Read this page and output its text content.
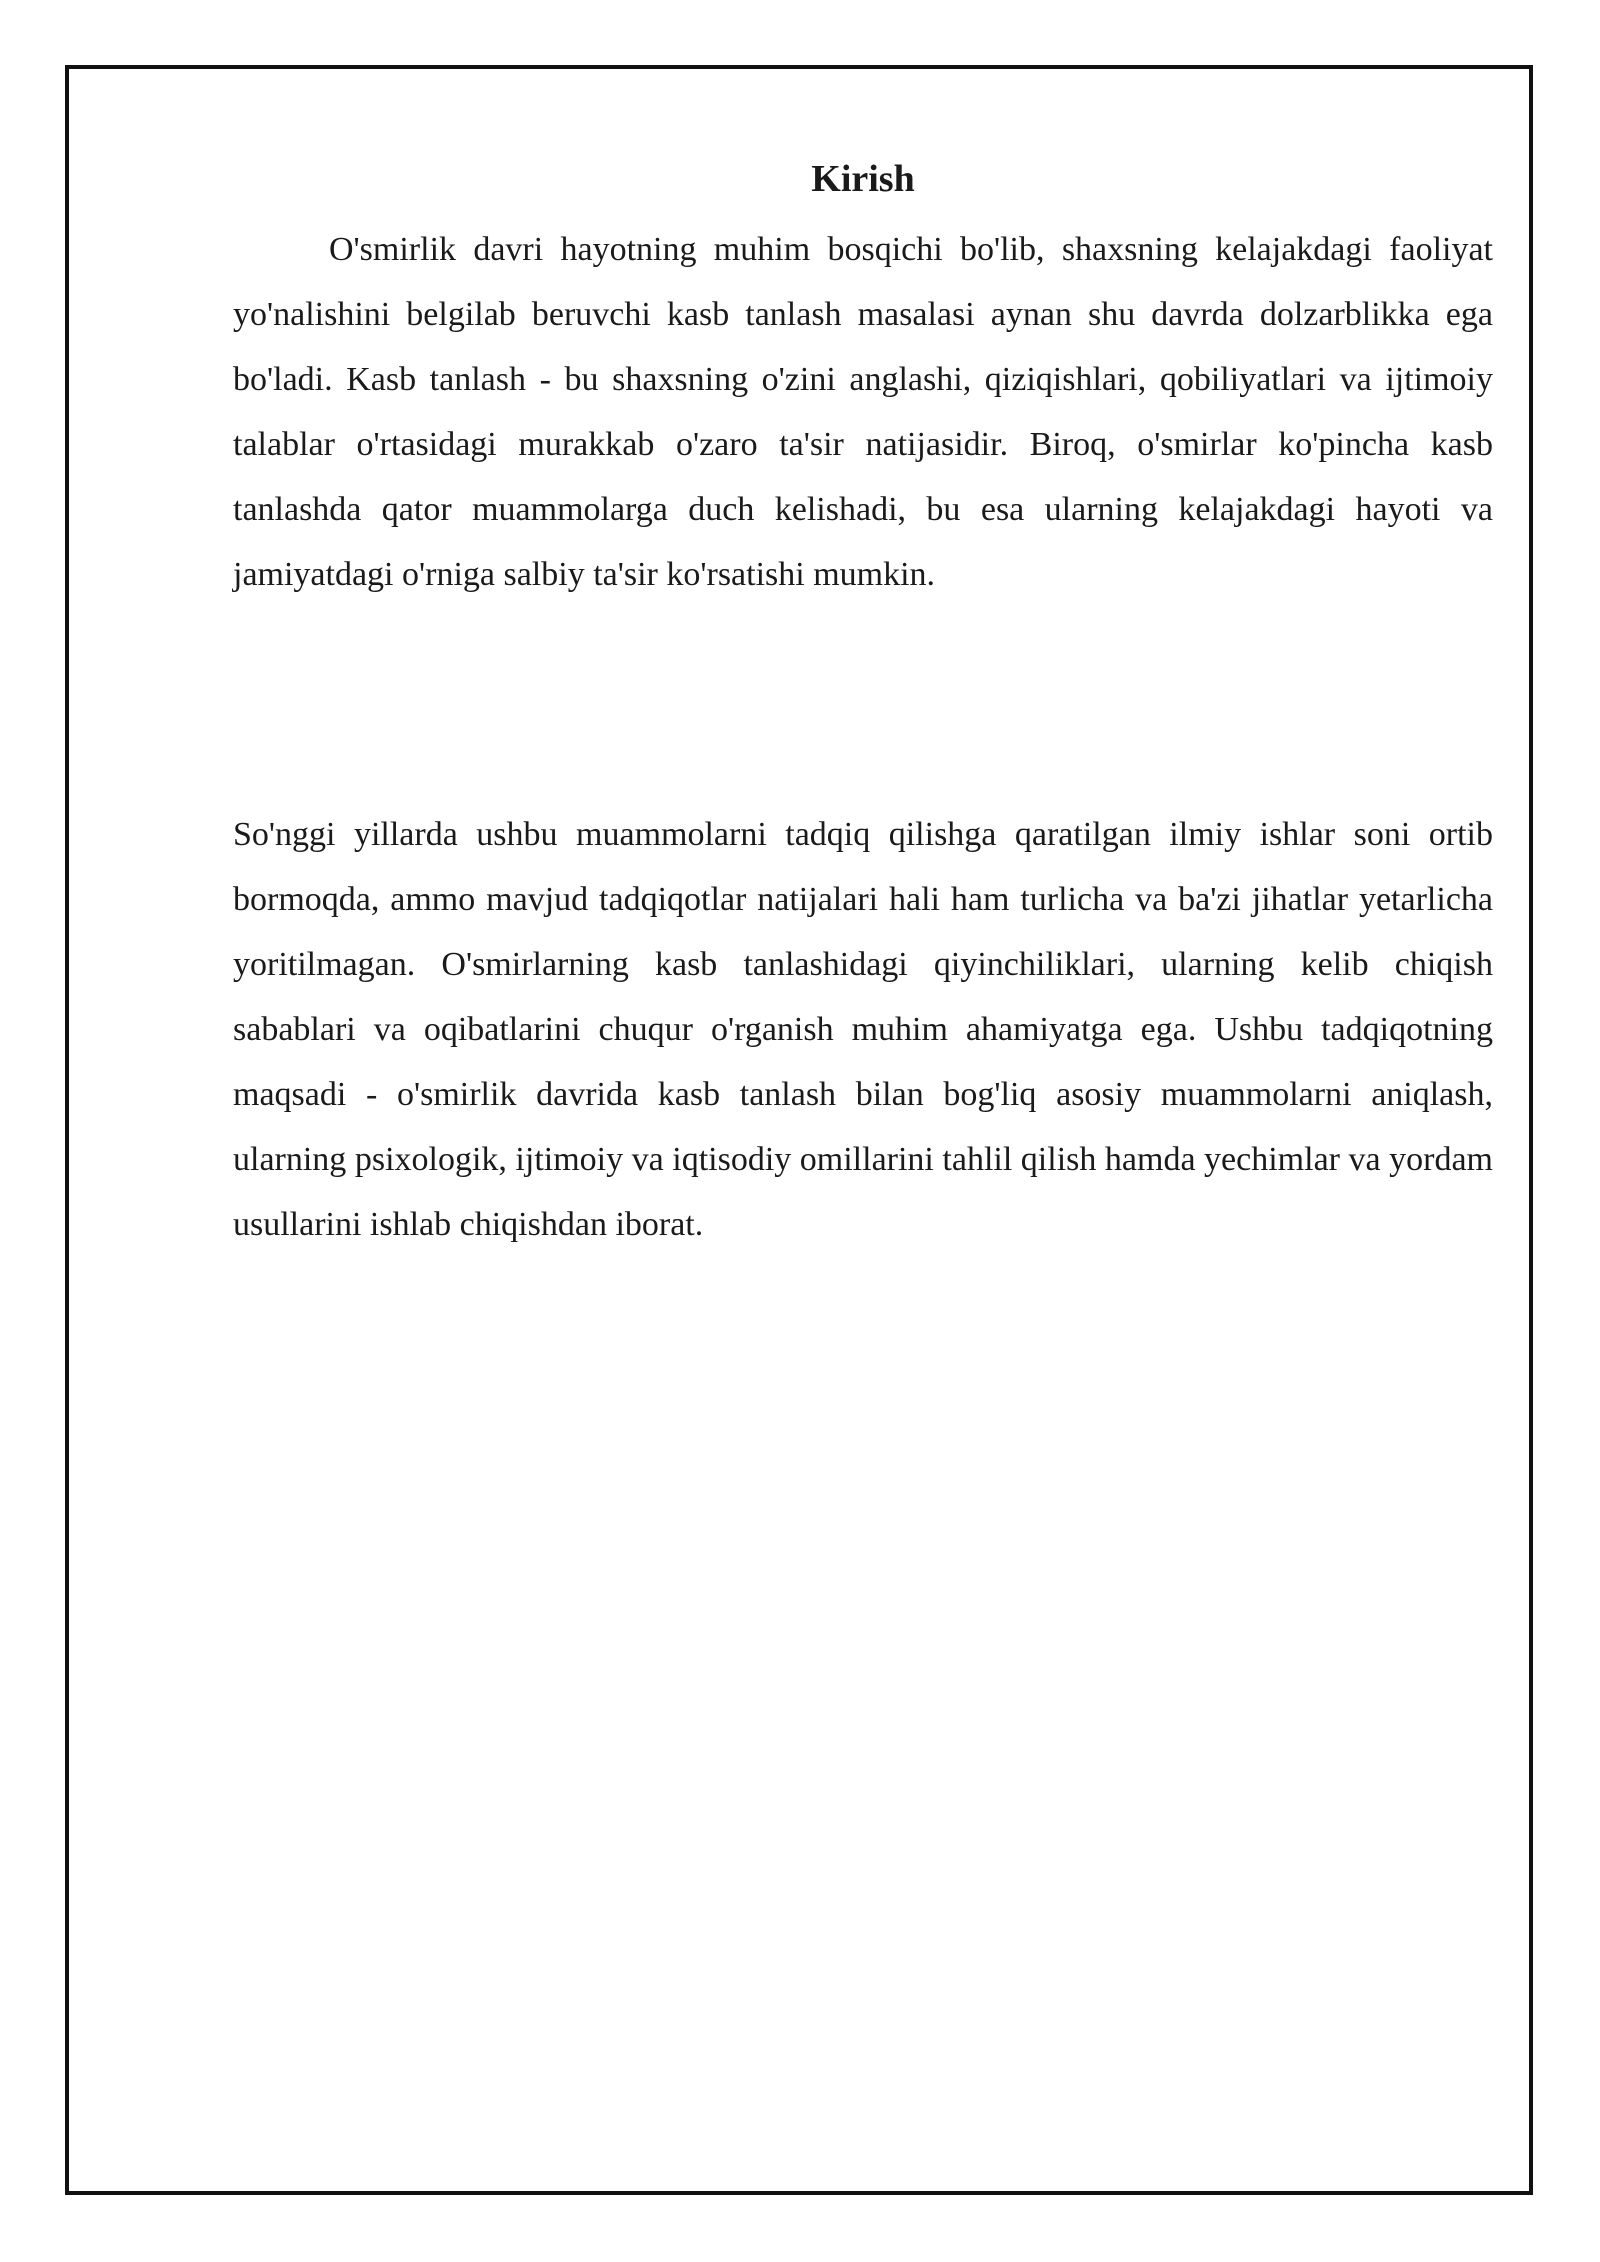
Kirish

O'smirlik davri hayotning muhim bosqichi bo'lib, shaxsning kelajakdagi faoliyat yo'nalishini belgilab beruvchi kasb tanlash masalasi aynan shu davrda dolzarblikka ega bo'ladi. Kasb tanlash - bu shaxsning o'zini anglashi, qiziqishlari, qobiliyatlari va ijtimoiy talablar o'rtasidagi murakkab o'zaro ta'sir natijasidir. Biroq, o'smirlar ko'pincha kasb tanlashda qator muammolarga duch kelishadi, bu esa ularning kelajakdagi hayoti va jamiyatdagi o'rniga salbiy ta'sir ko'rsatishi mumkin.

So'nggi yillarda ushbu muammolarni tadqiq qilishga qaratilgan ilmiy ishlar soni ortib bormoqda, ammo mavjud tadqiqotlar natijalari hali ham turlicha va ba'zi jihatlar yetarlicha yoritilmagan. O'smirlarning kasb tanlashidagi qiyinchiliklari, ularning kelib chiqish sabablari va oqibatlarini chuqur o'rganish muhim ahamiyatga ega. Ushbu tadqiqotning maqsadi - o'smirlik davrida kasb tanlash bilan bog'liq asosiy muammolarni aniqlash, ularning psixologik, ijtimoiy va iqtisodiy omillarini tahlil qilish hamda yechimlar va yordam usullarini ishlab chiqishdan iborat.
